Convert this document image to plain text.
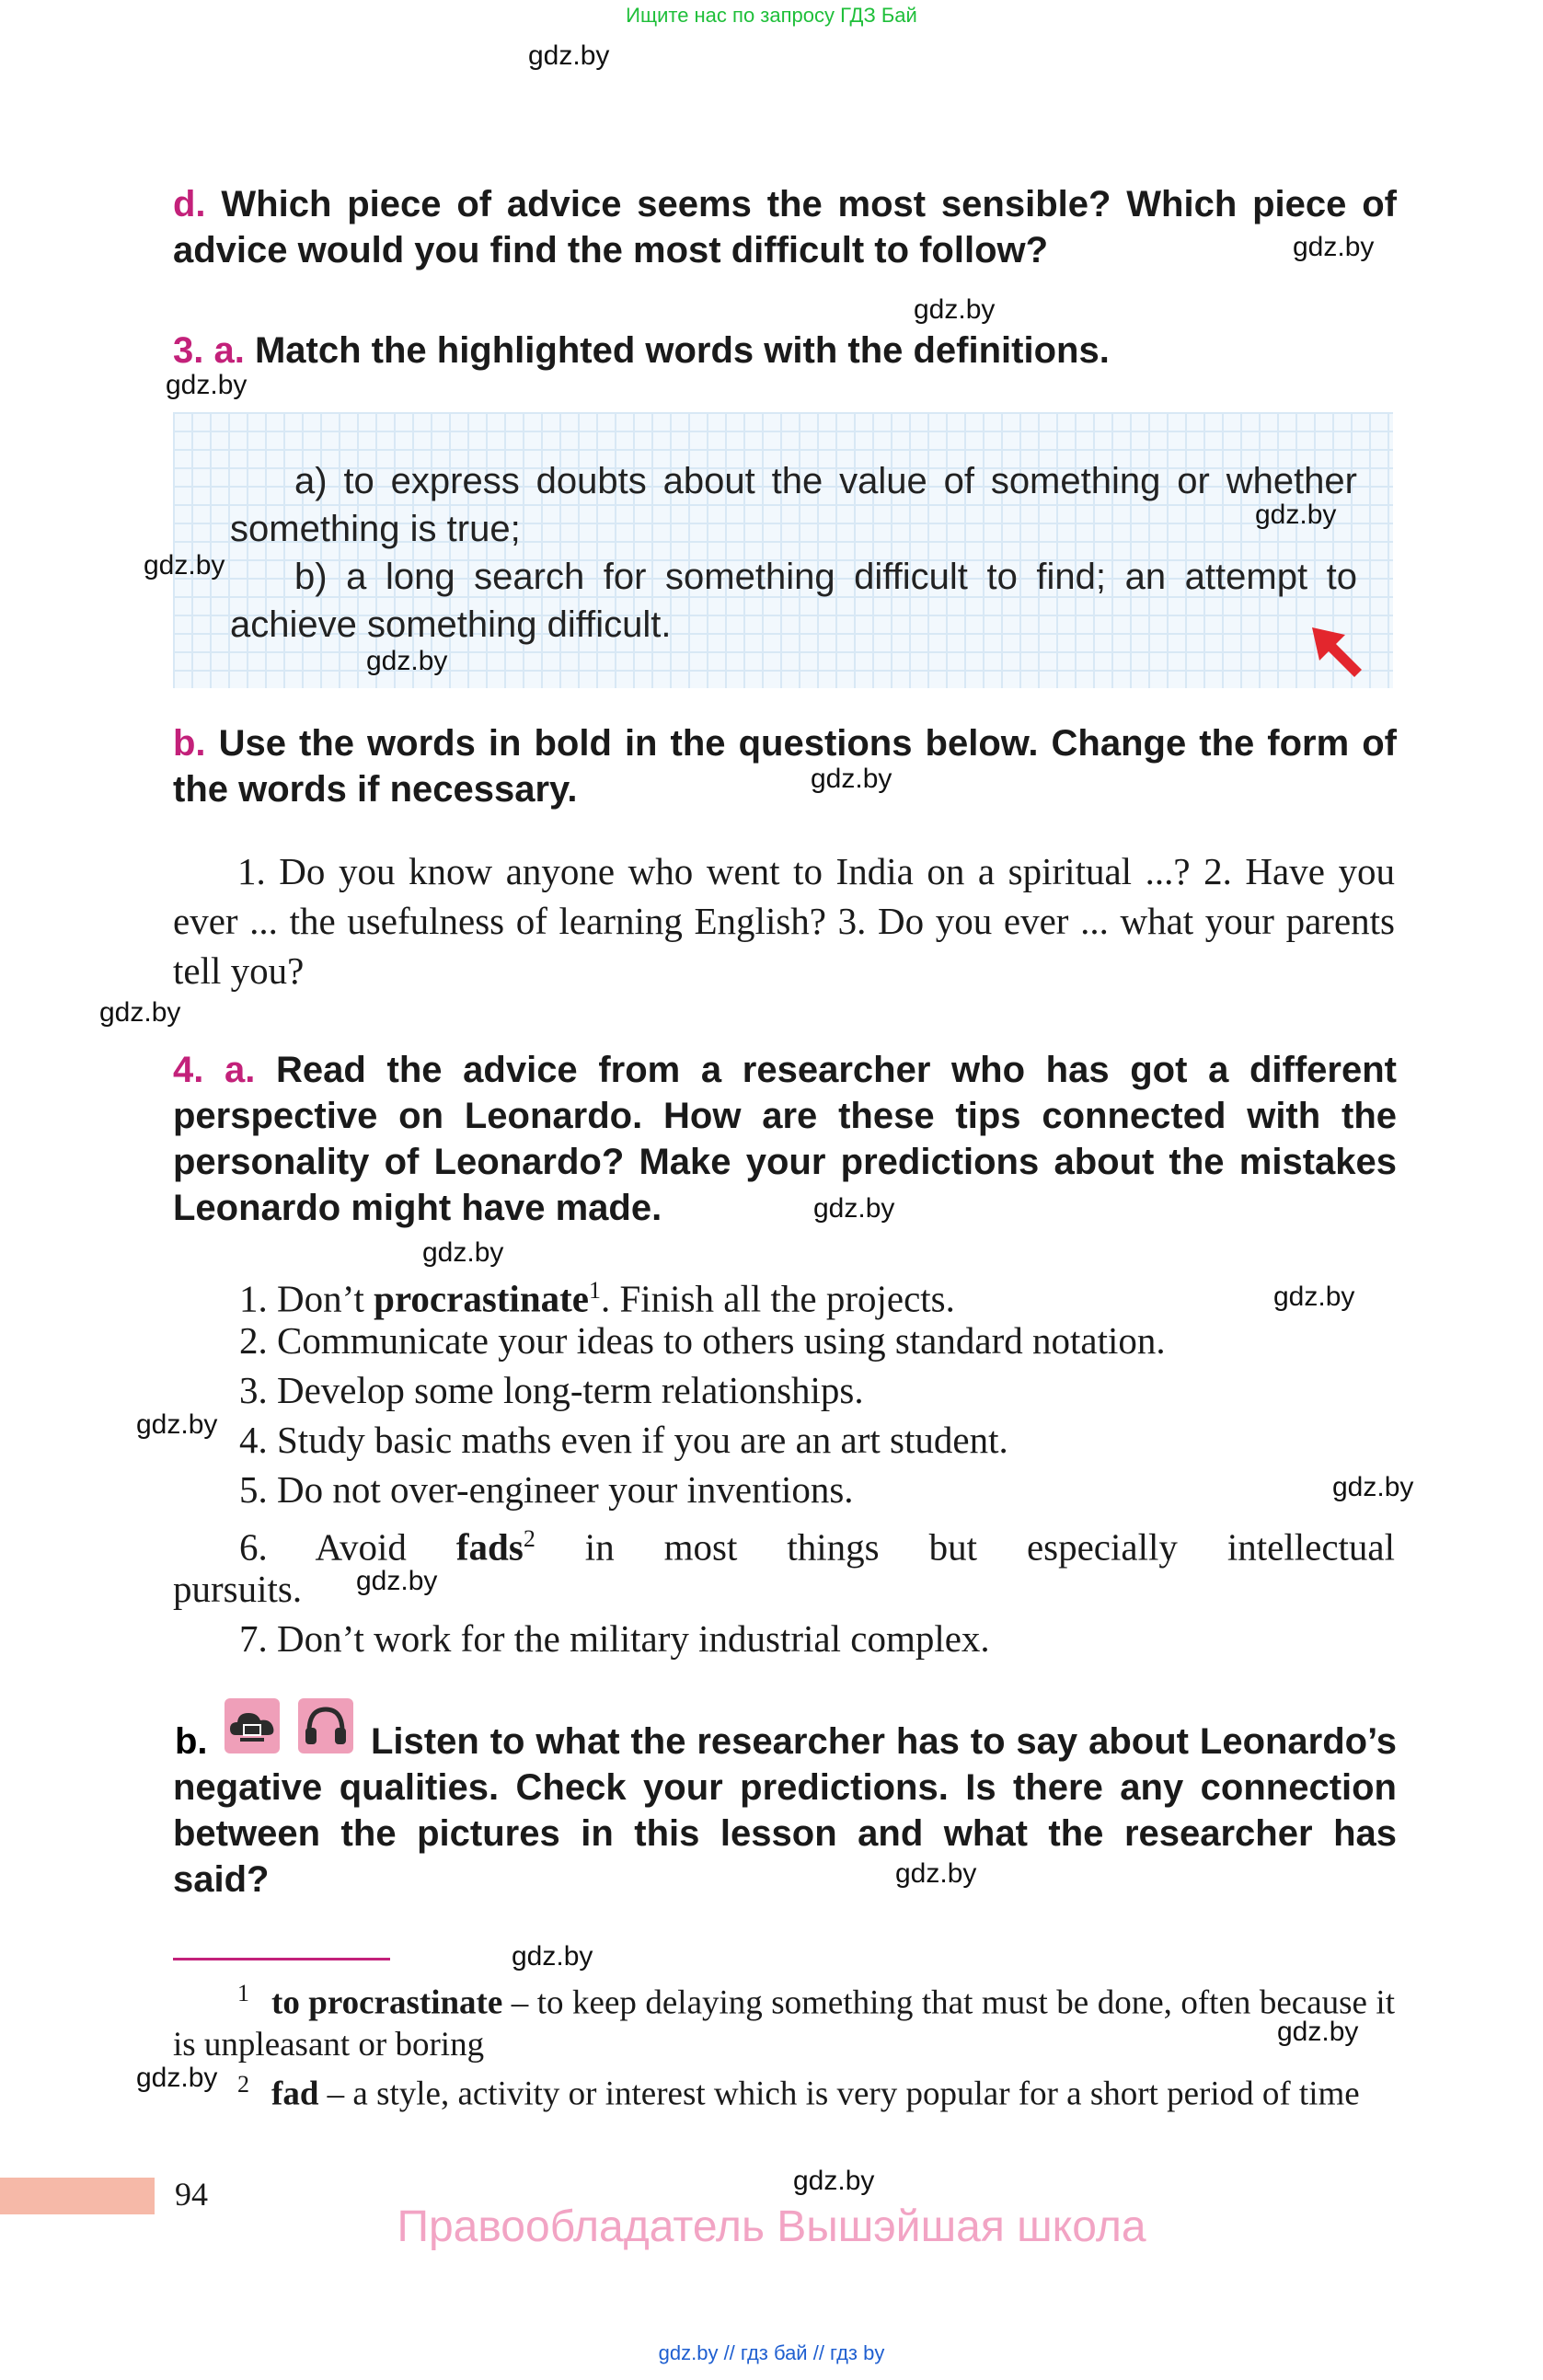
Ищите нас по запросу ГДЗ Бай
gdz.by
gdz.by
gdz.by
gdz.by
gdz.by
gdz.by
gdz.by
gdz.by
gdz.by
gdz.by
gdz.by
gdz.by
gdz.by
gdz.by
gdz.by
gdz.by
gdz.by
gdz.by
gdz.by
gdz.by
d. Which piece of advice seems the most sensible? Which piece of advice would you find the most difficult to follow?
3. a. Match the highlighted words with the definitions.

a) to express doubts about the value of something or whether something is true;

b) a long search for something difficult to find; an attempt to achieve something difficult.

b. Use the words in bold in the questions below. Change the form of the words if necessary.
1. Do you know anyone who went to India on a spiritual ...? 2. Have you ever ... the usefulness of learning English? 3. Do you ever ... what your parents tell you?
4. a. Read the advice from a researcher who has got a different perspective on Leonardo. How are these tips connected with the personality of Leonardo? Make your predictions about the mistakes Leonardo might have made.
1. Don’t procrastinate$^1$. Finish all the projects.
2. Communicate your ideas to others using standard notation.
3. Develop some long-term relationships.
4. Study basic maths even if you are an art student.
5. Do not over-engineer your inventions.
6. Avoid fads$^2$ in most things but especially intellectual
pursuits.
7. Don’t work for the military industrial complex.
b.	Listen to what the researcher has to say about Leonardo’s negative qualities. Check your predictions. Is there any connection between the pictures in this lesson and what the researcher has said?
$^1$ to procrastinate – to keep delaying something that must be done, often because it is unpleasant or boring
$^2$ fad – a style, activity or interest which is very popular for a short period of time
94
Правообладатель Вышэйшая школа
gdz.by // гдз бай // гдз by
